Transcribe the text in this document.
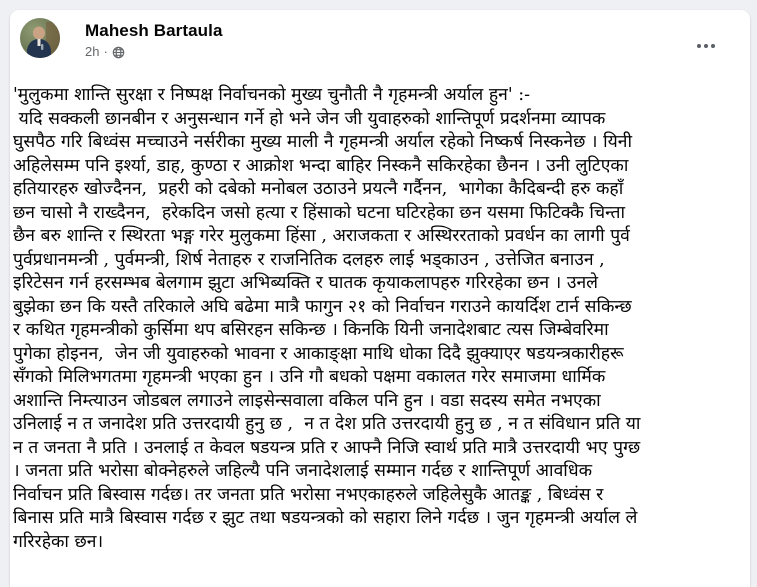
Mahesh Bartaula
2h ·
'मुलुकमा शान्ति सुरक्षा र निष्पक्ष निर्वाचनको मुख्य चुनौती नै गृहमन्त्री अर्याल हुन' :-
यदि सक्कली छानबीन र अनुसन्धान गर्ने हो भने जेन जी युवाहरुको शान्तिपूर्ण प्रदर्शनमा व्यापक
घुसपैठ गरि बिध्वंस मच्चाउने नर्सरीका मुख्य माली नै गृहमन्त्री अर्याल रहेको निष्कर्ष निस्कनेछ । यिनी
अहिलेसम्म पनि इर्श्या, डाह, कुण्ठा र आक्रोश भन्दा बाहिर निस्कनै सकिरहेका छैनन । उनी लुटिएका
हतियारहरु खोज्दैनन,  प्रहरी को दबेको मनोबल उठाउने प्रयत्नै गर्दैनन,  भागेका कैदिबन्दी हरु कहाँ
छन चासो नै राख्दैनन,  हरेकदिन जसो हत्या र हिंसाको घटना घटिरहेका छन यसमा फिटिक्कै चिन्ता
छैन बरु शान्ति र स्थिरता भङ्ग गरेर मुलुकमा हिंसा , अराजकता र अस्थिररताको प्रवर्धन का लागी पुर्व
पुर्वप्रधानमन्त्री , पुर्वमन्त्री, शिर्ष नेताहरु र राजनितिक दलहरु लाई भड्काउन , उत्तेजित बनाउन ,
इरिटेसन गर्न हरसम्भब बेलगाम झुटा अभिब्यक्ति र घातक कृयाकलापहरु गरिरहेका छन । उनले
बुझेका छन कि यस्तै तरिकाले अघि बढेमा मात्रै फागुन २१ को निर्वाचन गराउने कायर्दिश टार्न सकिन्छ
र कथित गृहमन्त्रीको कुर्सिमा थप बसिरहन सकिन्छ । किनकि यिनी जनादेशबाट त्यस जिम्बेवरिमा
पुगेका होइनन,  जेन जी युवाहरुको भावना र आकाङ्क्षा माथि धोका दिदै झुक्याएर षडयन्त्रकारीहरू
सँगको मिलिभगतमा गृहमन्त्री भएका हुन । उनि गौ बधको पक्षमा वकालत गरेर समाजमा धार्मिक
अशान्ति निम्त्याउन जोडबल लगाउने लाइसेन्सवाला वकिल पनि हुन । वडा सदस्य समेत नभएका
उनिलाई न त जनादेश प्रति उत्तरदायी हुनु छ ,  न त देश प्रति उत्तरदायी हुनु छ , न त संविधान प्रति या
न त जनता नै प्रति । उनलाई त केवल षडयन्त्र प्रति र आफ्नै निजि स्वार्थ प्रति मात्रै उत्तरदायी भए पुग्छ
। जनता प्रति भरोसा बोक्नेहरुले जहिल्यै पनि जनादेशलाई सम्मान गर्दछ र शान्तिपूर्ण आवधिक
निर्वाचन प्रति बिस्वास गर्दछ। तर जनता प्रति भरोसा नभएकाहरुले जहिलेसुकै आतङ्क , बिध्वंस र
बिनास प्रति मात्रै बिस्वास गर्दछ र झुट तथा षडयन्त्रको को सहारा लिने गर्दछ । जुन गृहमन्त्री अर्याल ले
गरिरहेका छन।
